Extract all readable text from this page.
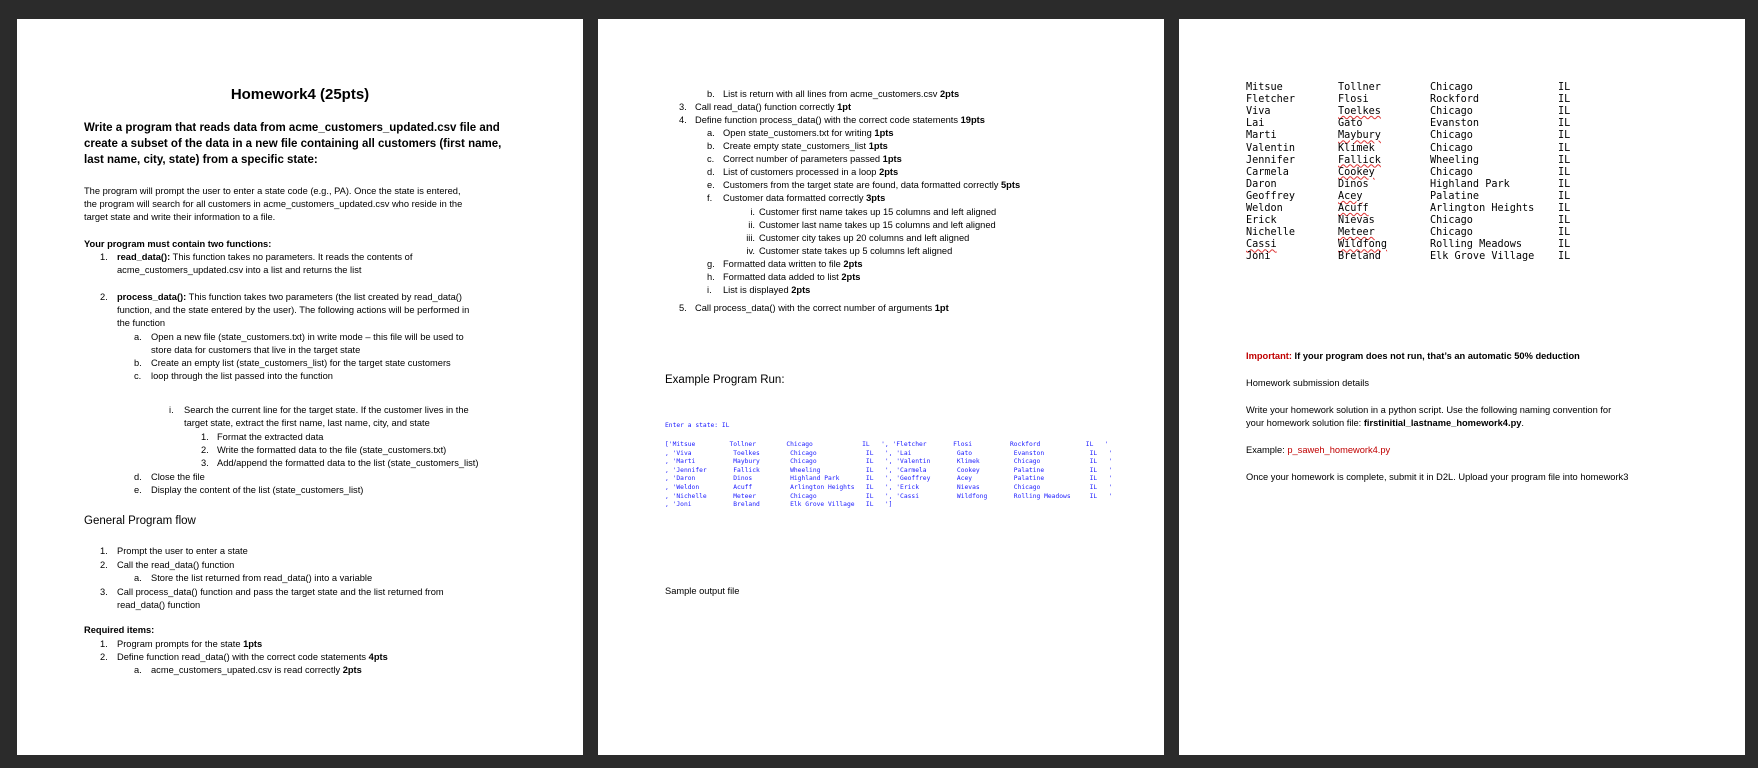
Homework4 (25pts)
Write a program that reads data from acme_customers_updated.csv file and
create a subset of the data in a new file containing all customers (first name,
last name, city, state) from a specific state:
The program will prompt the user to enter a state code (e.g., PA). Once the state is entered,
the program will search for all customers in acme_customers_updated.csv who reside in the
target state and write their information to a file.
Your program must contain two functions:
1. read_data(): This function takes no parameters. It reads the contents of
acme_customers_updated.csv into a list and returns the list
2. process_data(): This function takes two parameters (the list created by read_data()
function, and the state entered by the user). The following actions will be performed in
the function
a. Open a new file (state_customers.txt) in write mode – this file will be used to
store data for customers that live in the target state
b. Create an empty list (state_customers_list) for the target state customers
c. loop through the list passed into the function
i. Search the current line for the target state. If the customer lives in the
target state, extract the first name, last name, city, and state
1. Format the extracted data
2. Write the formatted data to the file (state_customers.txt)
3. Add/append the formatted data to the list (state_customers_list)
d. Close the file
e. Display the content of the list (state_customers_list)
General Program flow
1. Prompt the user to enter a state
2. Call the read_data() function
a. Store the list returned from read_data() into a variable
3. Call process_data() function and pass the target state and the list returned from
read_data() function
Required items:
1. Program prompts for the state 1pts
2. Define function read_data() with the correct code statements 4pts
a. acme_customers_upated.csv is read correctly 2pts
b. List is return with all lines from acme_customers.csv 2pts
3. Call read_data() function correctly 1pt
4. Define function process_data() with the correct code statements 19pts
a. Open state_customers.txt for writing 1pts
b. Create empty state_customers_list 1pts
c. Correct number of parameters passed 1pts
d. List of customers processed in a loop 2pts
e. Customers from the target state are found, data formatted correctly 5pts
f.	Customer data formatted correctly 3pts
i. Customer first name takes up 15 columns and left aligned
ii. Customer last name takes up 15 columns and left aligned
iii. Customer city takes up 20 columns and left aligned
iv. Customer state takes up 5 columns left aligned
g. Formatted data written to file 2pts
h. Formatted data added to list 2pts
i.	List is displayed 2pts
5. Call process_data() with the correct number of arguments 1pt
Example Program Run:
Enter a state: IL
['Mitsue         Tollner        Chicago             IL   ', 'Fletcher       Flosi          Rockford            IL   '
, 'Viva           Toelkes        Chicago             IL   ', 'Lai            Gato           Evanston            IL   '
, 'Marti          Maybury        Chicago             IL   ', 'Valentin       Klimek         Chicago             IL   '
, 'Jennifer       Fallick        Wheeling            IL   ', 'Carmela        Cookey         Palatine            IL   '
, 'Daron          Dinos          Highland Park       IL   ', 'Geoffrey       Acey           Palatine            IL   '
, 'Weldon         Acuff          Arlington Heights   IL   ', 'Erick          Nievas         Chicago             IL   '
, 'Nichelle       Meteer         Chicago             IL   ', 'Cassi          Wildfong       Rolling Meadows     IL   '
, 'Joni           Breland        Elk Grove Village   IL   ']
Sample output file
Mitsue	Tollner	Chicago	IL
Fletcher	Flosi	Rockford	IL
Viva	Toelkes	Chicago	IL
Lai	Gato	Evanston	IL
Marti	Maybury	Chicago	IL
Valentin	Klimek	Chicago	IL
Jennifer	Fallick	Wheeling	IL
Carmela	Cookey	Chicago	IL
Daron	Dinos	Highland Park	IL
Geoffrey	Acey	Palatine	IL
Weldon	Acuff	Arlington Heights IL
Erick	Nievas	Chicago	IL
Nichelle	Meteer	Chicago	IL
Cassi	Wildfong	Rolling Meadows	IL
Joni	Breland	Elk Grove Village IL
Important: If your program does not run, that’s an automatic 50% deduction
Homework submission details
Write your homework solution in a python script. Use the following naming convention for
your homework solution file: firstinitial_lastname_homework4.py.
Example: p_saweh_homework4.py
Once your homework is complete, submit it in D2L. Upload your program file into homework3
